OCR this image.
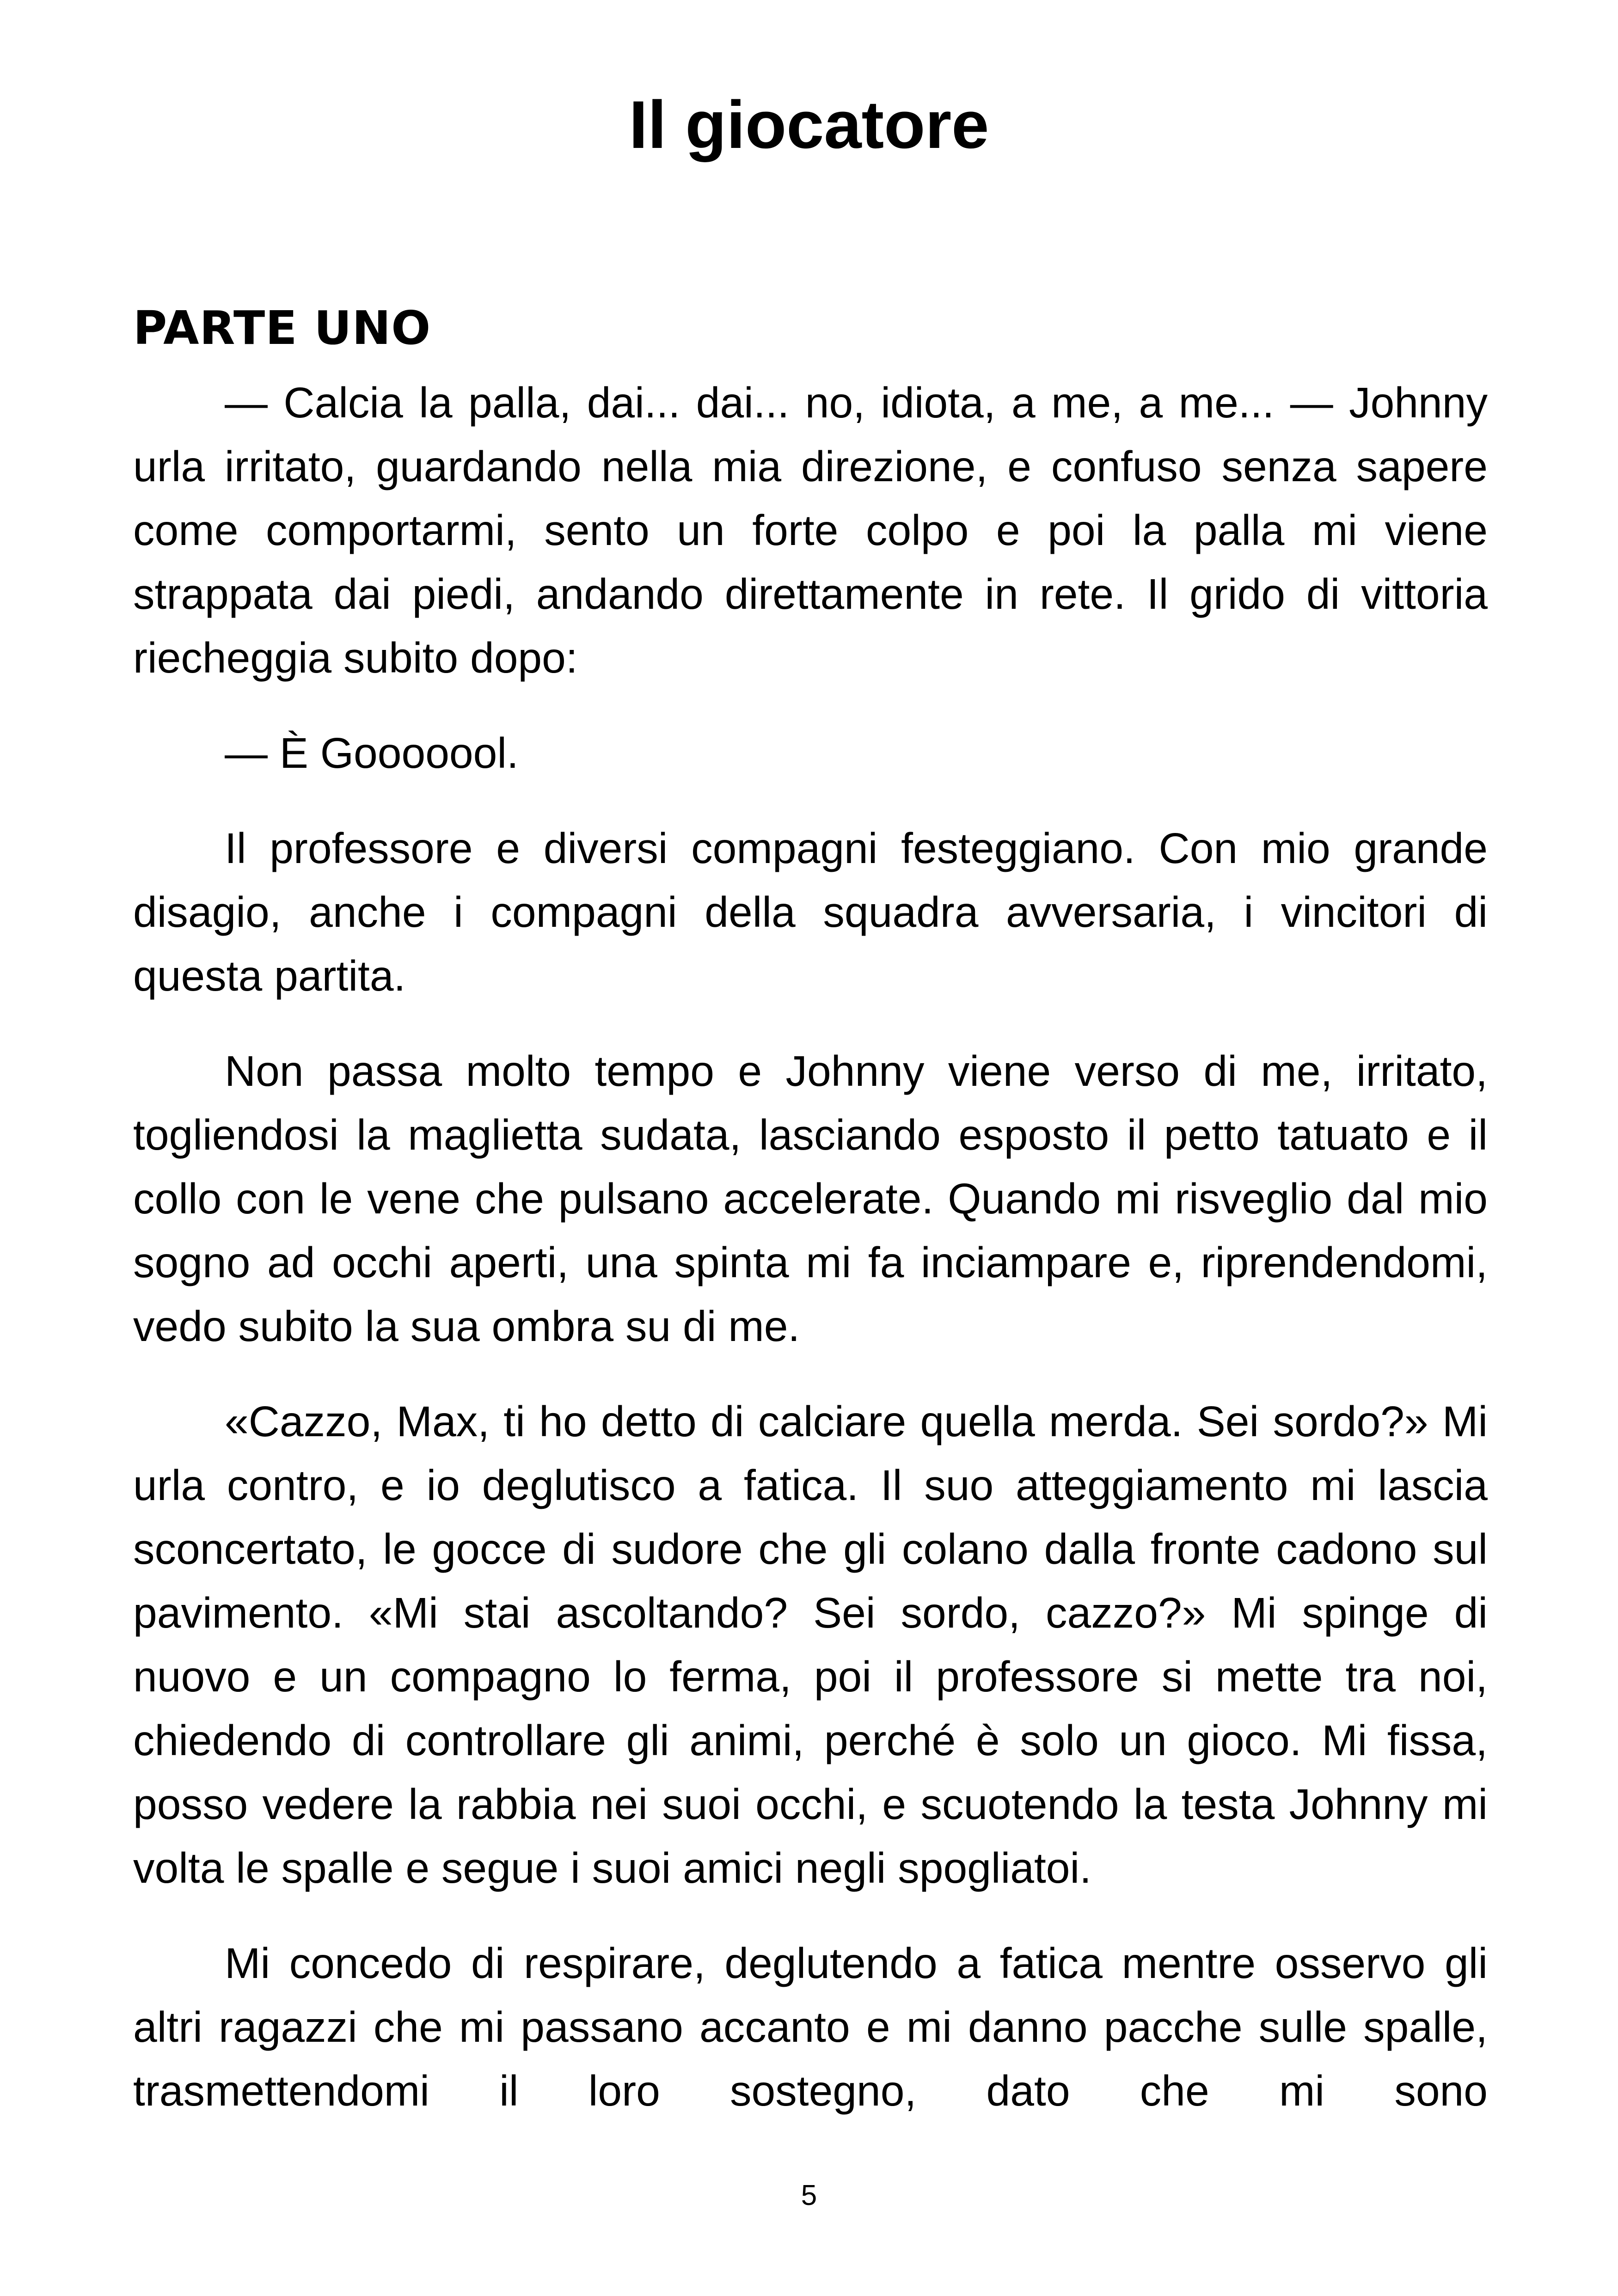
Il giocatore
PARTE UNO

— Calcia la palla, dai... dai... no, idiota, a me, a me... — Johnny urla irritato, guardando nella mia direzione, e confuso senza sapere come comportarmi, sento un forte colpo e poi la palla mi viene strappata dai piedi, andando direttamente in rete. Il grido di vittoria riecheggia subito dopo:

— È Gooooool.

Il professore e diversi compagni festeggiano. Con mio grande disagio, anche i compagni della squadra avversaria, i vincitori di questa partita.

Non passa molto tempo e Johnny viene verso di me, irritato, togliendosi la maglietta sudata, lasciando esposto il petto tatuato e il collo con le vene che pulsano accelerate. Quando mi risveglio dal mio sogno ad occhi aperti, una spinta mi fa inciampare e, riprendendomi, vedo subito la sua ombra su di me.

«Cazzo, Max, ti ho detto di calciare quella merda. Sei sordo?» Mi urla contro, e io deglutisco a fatica. Il suo atteggiamento mi lascia sconcertato, le gocce di sudore che gli colano dalla fronte cadono sul pavimento. «Mi stai ascoltando? Sei sordo, cazzo?» Mi spinge di nuovo e un compagno lo ferma, poi il professore si mette tra noi, chiedendo di controllare gli animi, perché è solo un gioco. Mi fissa, posso vedere la rabbia nei suoi occhi, e scuotendo la testa Johnny mi volta le spalle e segue i suoi amici negli spogliatoi.

Mi concedo di respirare, deglutendo a fatica mentre osservo gli altri ragazzi che mi passano accanto e mi danno pacche sulle spalle, trasmettendomi il loro sostegno, dato che mi sono

5
